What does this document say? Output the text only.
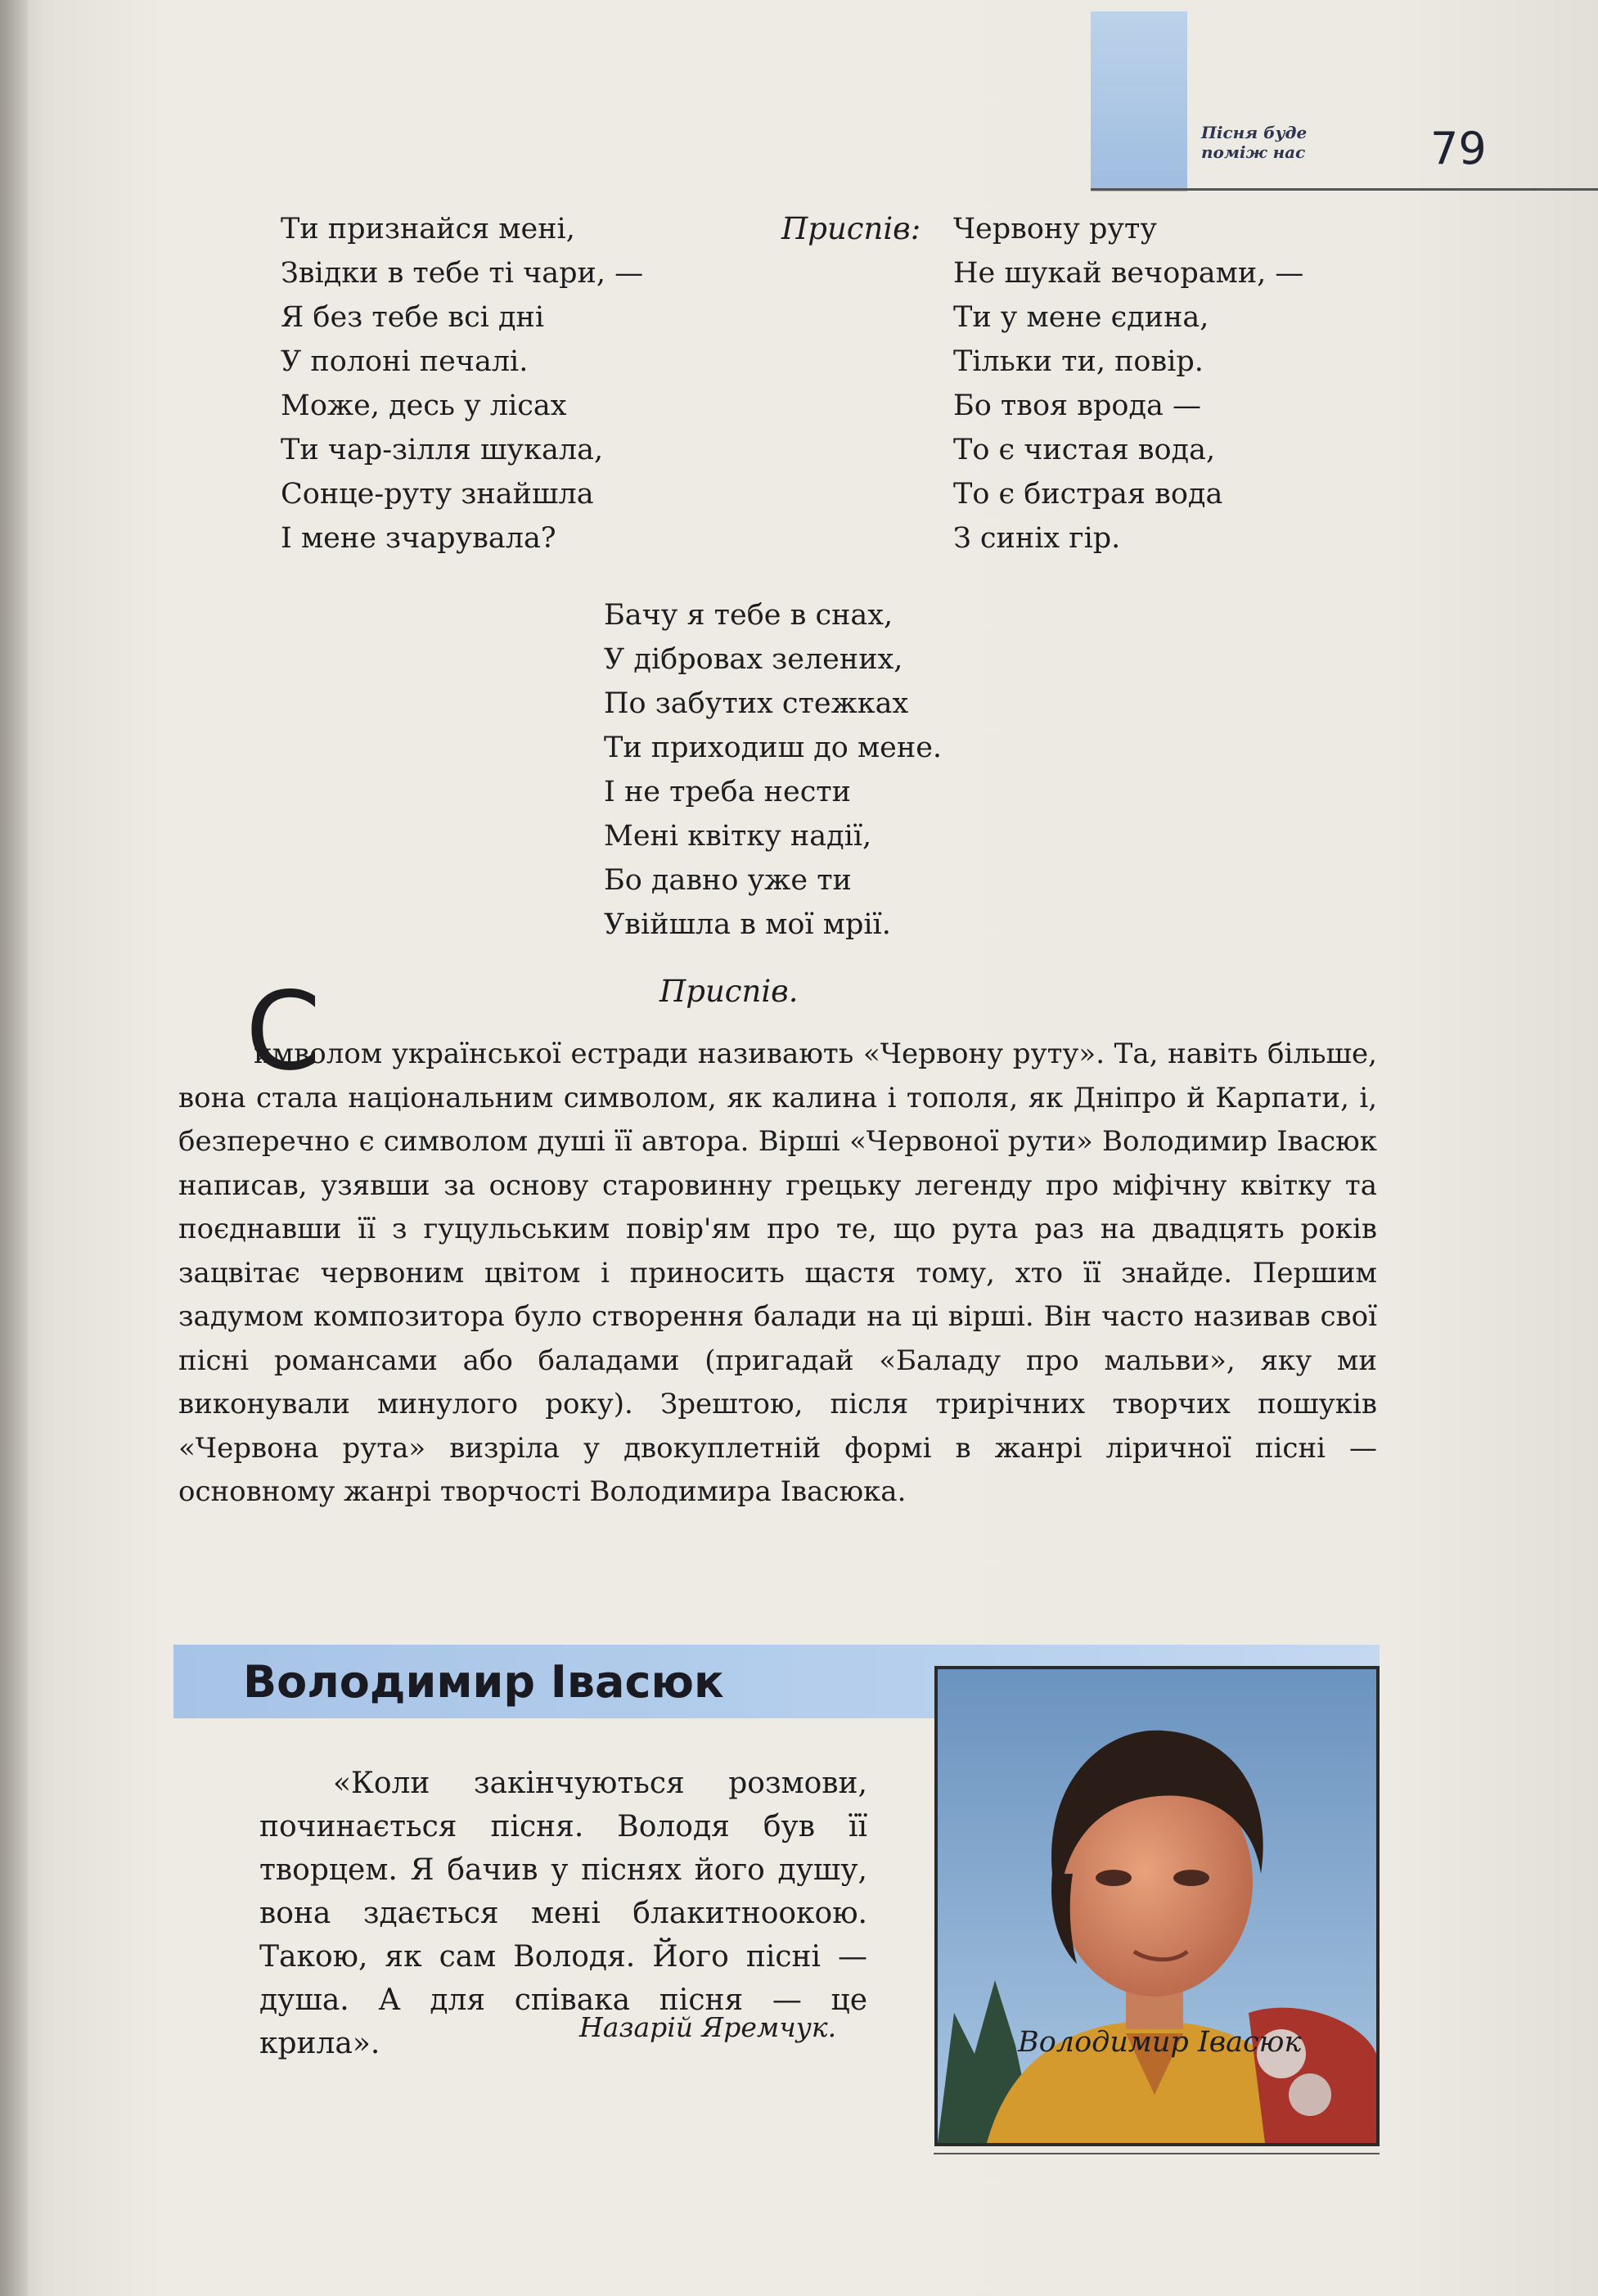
Пісня буде
поміж нас	79
Ти признайся мені,
Звідки в тебе ті чари, —
Я без тебе всі дні
У полоні печалі.
Може, десь у лісах
Ти чар-зілля шукала,
Сонце-руту знайшла
І мене зчарувала?
Приспів: Червону руту
Не шукай вечорами, —
Ти у мене єдина,
Тільки ти, повір.
Бо твоя врода —
То є чистая вода,
То є бистрая вода
З синіх гір.
Бачу я тебе в снах,
У дібровах зелених,
По забутих стежках
Ти приходиш до мене.
І не треба нести
Мені квітку надії,
Бо давно уже ти
Увійшла в мої мрії.
Приспів.
С

имволом української естради називають «Червону руту». Та, навіть більше, вона стала національним символом, як калина і тополя, як Дніпро й Карпати, і, безперечно є символом душі її автора. Вірші «Червоної рути» Володимир Івасюк написав, узявши за основу старовинну грецьку легенду про міфічну квітку та поєднавши її з гуцульським повір'ям про те, що рута раз на двадцять років зацвітає червоним цвітом і приносить щастя тому, хто її знайде. Першим задумом композитора було створення балади на ці вірші. Він часто називав свої пісні романсами або баладами (пригадай «Баладу про мальви», яку ми виконували минулого року). Зрештою, після трирічних творчих пошуків «Червона рута» визріла у двокуплетній формі в жанрі ліричної пісні — основному жанрі творчості Володимира Івасюка.

Володимир Івасюк

«Коли закінчуються розмови, починається пісня. Володя був її творцем. Я бачив у піснях його душу, вона здається мені блакитноокою. Такою, як сам Володя. Його пісні — душа. А для співака пісня — це крила».	Назарій Яремчук.	Володимир Івасюк
